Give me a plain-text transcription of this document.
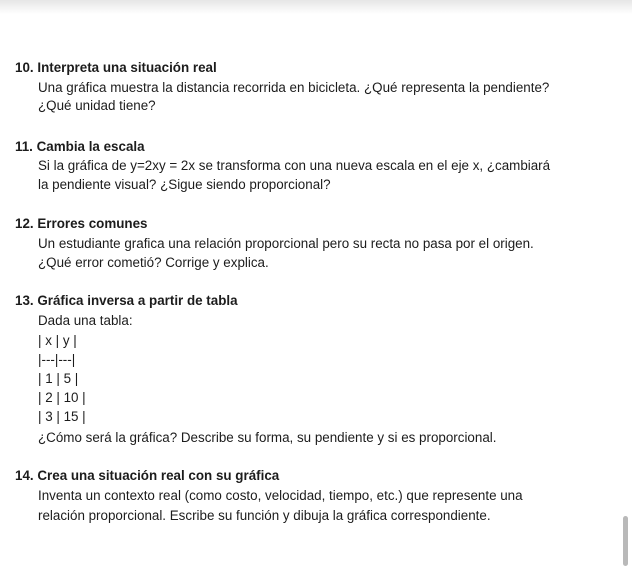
10. Interpreta una situación real
Una gráfica muestra la distancia recorrida en bicicleta. ¿Qué representa la pendiente?
¿Qué unidad tiene?
11. Cambia la escala
Si la gráfica de y=2xy = 2x se transforma con una nueva escala en el eje x, ¿cambiará
la pendiente visual? ¿Sigue siendo proporcional?
12. Errores comunes
Un estudiante grafica una relación proporcional pero su recta no pasa por el origen.
¿Qué error cometió? Corrige y explica.
13. Gráfica inversa a partir de tabla
Dada una tabla:
| x | y |
|---|---|
| 1 | 5 |
| 2 | 10 |
| 3 | 15 |
¿Cómo será la gráfica? Describe su forma, su pendiente y si es proporcional.
14. Crea una situación real con su gráfica
Inventa un contexto real (como costo, velocidad, tiempo, etc.) que represente una
relación proporcional. Escribe su función y dibuja la gráfica correspondiente.
